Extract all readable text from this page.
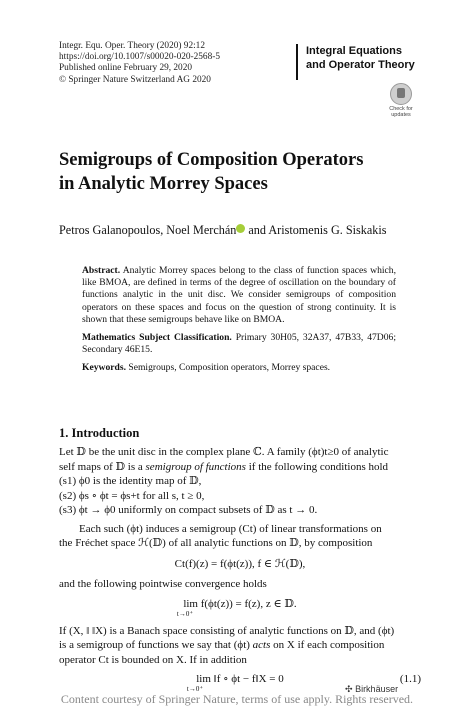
Integr. Equ. Oper. Theory (2020) 92:12
https://doi.org/10.1007/s00020-020-2568-5
Published online February 29, 2020
© Springer Nature Switzerland AG 2020
Integral Equations
and Operator Theory
Check for
updates
Semigroups of Composition Operators
in Analytic Morrey Spaces
Petros Galanopoulos, Noel Merchán and Aristomenis G. Siskakis

Abstract. Analytic Morrey spaces belong to the class of function spaces which, like BMOA, are defined in terms of the degree of oscillation on the boundary of functions analytic in the unit disc. We consider semigroups of composition operators on these spaces and focus on the question of strong continuity. It is shown that these semigroups behave like on BMOA.

Mathematics Subject Classification. Primary 30H05, 32A37, 47B33, 47D06; Secondary 46E15.

Keywords. Semigroups, Composition operators, Morrey spaces.

1. Introduction
Let 𝔻 be the unit disc in the complex plane ℂ. A family (ϕt)t≥0 of analytic
self maps of 𝔻 is a semigroup of functions if the following conditions hold
(s1) ϕ0 is the identity map of 𝔻,
(s2) ϕs ∘ ϕt = ϕs+t for all s, t ≥ 0,
(s3) ϕt → ϕ0 uniformly on compact subsets of 𝔻 as t → 0.
Each such (ϕt) induces a semigroup (Ct) of linear transformations on
the Fréchet space ℋ(𝔻) of all analytic functions on 𝔻, by composition
Ct(f)(z) = f(ϕt(z)), f ∈ ℋ(𝔻),
and the following pointwise convergence holds
lim f(ϕt(z)) = f(z), z ∈ 𝔻.
t→0⁺
If (X, ‖ ‖X) is a Banach space consisting of analytic functions on 𝔻, and (ϕt)
is a semigroup of functions we say that (ϕt) acts on X if each composition
operator Ct is bounded on X. If in addition
lim ‖f ∘ ϕt − f‖X = 0	(1.1)
t→0⁺	✣ Birkhäuser
Content courtesy of Springer Nature, terms of use apply. Rights reserved.
